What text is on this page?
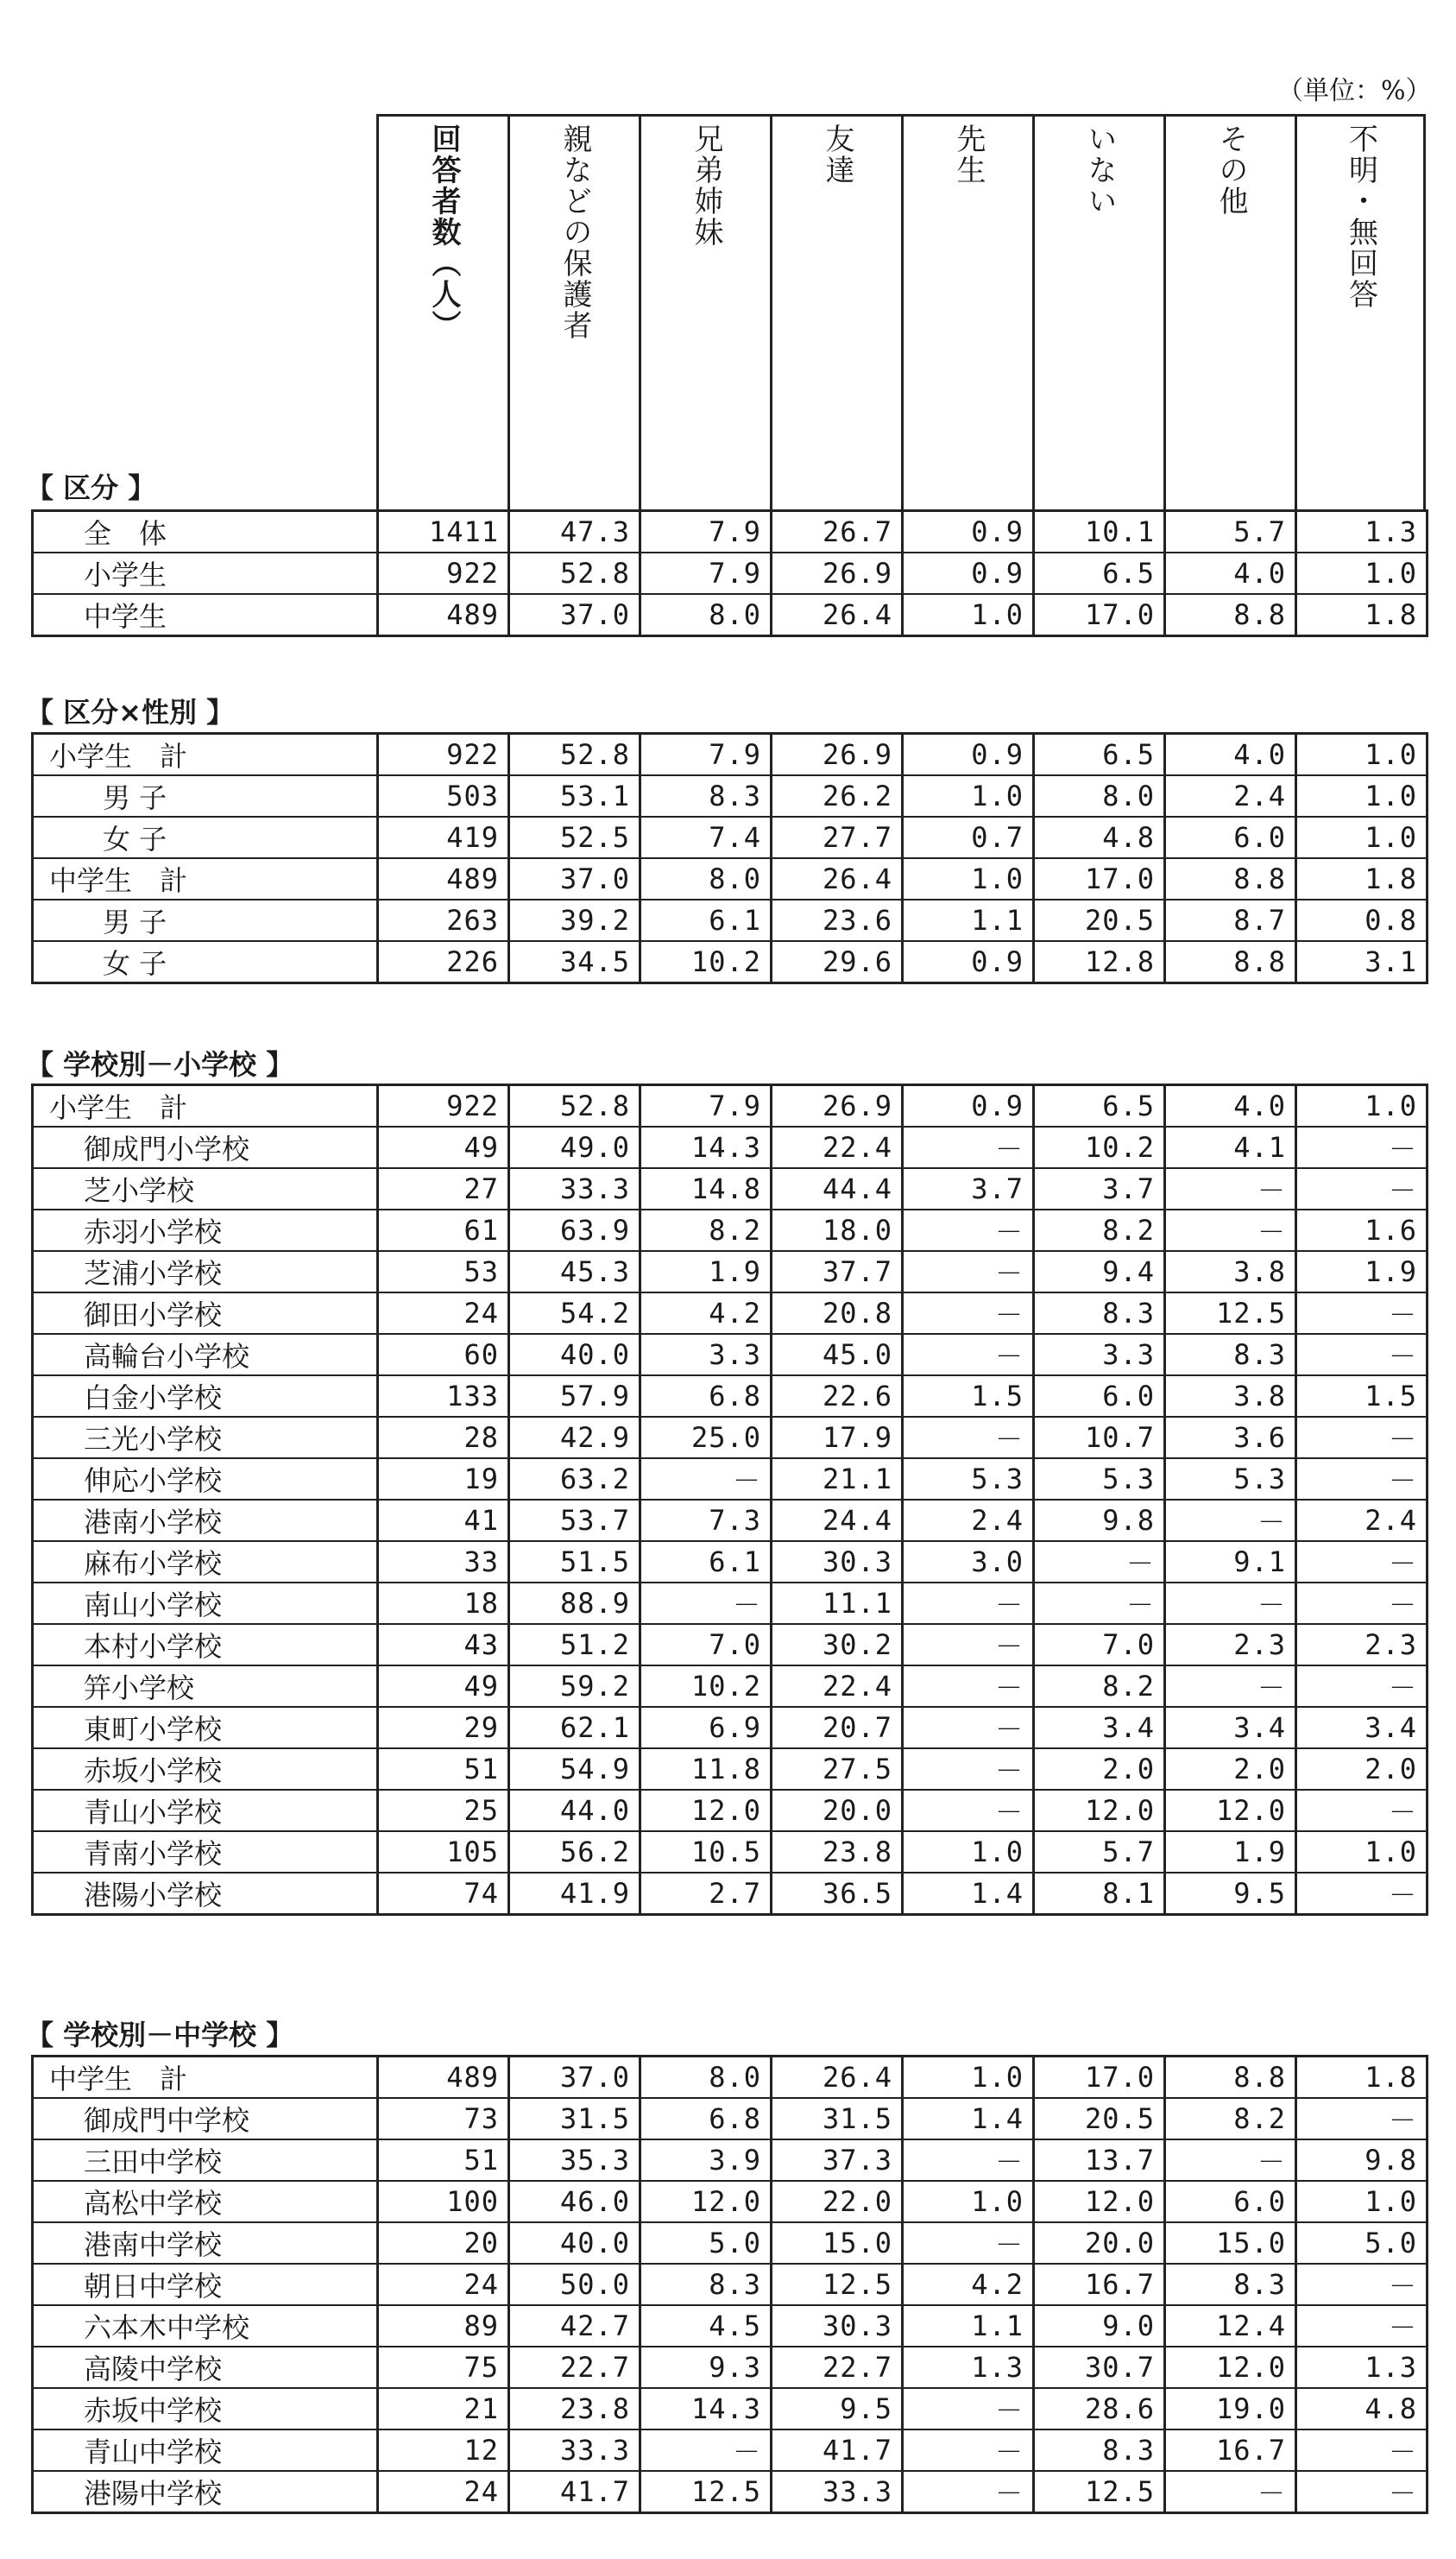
（単位：%）
回答者数（人）	親などの保護者	兄弟姉妹	友達	先生	いない	その他	不明・無回答
【 区分 】
【 区分×性別 】
【 学校別－小学校 】
【 学校別－中学校 】
全　体	1411	47.3	7.9	26.7	0.9	10.1	5.7	1.3
小学生	922	52.8	7.9	26.9	0.9	6.5	4.0	1.0
中学生	489	37.0	8.0	26.4	1.0	17.0	8.8	1.8
小学生　計	922	52.8	7.9	26.9	0.9	6.5	4.0	1.0
男 子	503	53.1	8.3	26.2	1.0	8.0	2.4	1.0
女 子	419	52.5	7.4	27.7	0.7	4.8	6.0	1.0
中学生　計	489	37.0	8.0	26.4	1.0	17.0	8.8	1.8
男 子	263	39.2	6.1	23.6	1.1	20.5	8.7	0.8
女 子	226	34.5	10.2	29.6	0.9	12.8	8.8	3.1
小学生　計	922	52.8	7.9	26.9	0.9	6.5	4.0	1.0
御成門小学校	49	49.0	14.3	22.4	－	10.2	4.1	－
芝小学校	27	33.3	14.8	44.4	3.7	3.7	－	－
赤羽小学校	61	63.9	8.2	18.0	－	8.2	－	1.6
芝浦小学校	53	45.3	1.9	37.7	－	9.4	3.8	1.9
御田小学校	24	54.2	4.2	20.8	－	8.3	12.5	－
高輪台小学校	60	40.0	3.3	45.0	－	3.3	8.3	－
白金小学校	133	57.9	6.8	22.6	1.5	6.0	3.8	1.5
三光小学校	28	42.9	25.0	17.9	－	10.7	3.6	－
伸応小学校	19	63.2	－	21.1	5.3	5.3	5.3	－
港南小学校	41	53.7	7.3	24.4	2.4	9.8	－	2.4
麻布小学校	33	51.5	6.1	30.3	3.0	－	9.1	－
南山小学校	18	88.9	－	11.1	－	－	－	－
本村小学校	43	51.2	7.0	30.2	－	7.0	2.3	2.3
笄小学校	49	59.2	10.2	22.4	－	8.2	－	－
東町小学校	29	62.1	6.9	20.7	－	3.4	3.4	3.4
赤坂小学校	51	54.9	11.8	27.5	－	2.0	2.0	2.0
青山小学校	25	44.0	12.0	20.0	－	12.0	12.0	－
青南小学校	105	56.2	10.5	23.8	1.0	5.7	1.9	1.0
港陽小学校	74	41.9	2.7	36.5	1.4	8.1	9.5	－
中学生　計	489	37.0	8.0	26.4	1.0	17.0	8.8	1.8
御成門中学校	73	31.5	6.8	31.5	1.4	20.5	8.2	－
三田中学校	51	35.3	3.9	37.3	－	13.7	－	9.8
高松中学校	100	46.0	12.0	22.0	1.0	12.0	6.0	1.0
港南中学校	20	40.0	5.0	15.0	－	20.0	15.0	5.0
朝日中学校	24	50.0	8.3	12.5	4.2	16.7	8.3	－
六本木中学校	89	42.7	4.5	30.3	1.1	9.0	12.4	－
高陵中学校	75	22.7	9.3	22.7	1.3	30.7	12.0	1.3
赤坂中学校	21	23.8	14.3	9.5	－	28.6	19.0	4.8
青山中学校	12	33.3	－	41.7	－	8.3	16.7	－
港陽中学校	24	41.7	12.5	33.3	－	12.5	－	－
